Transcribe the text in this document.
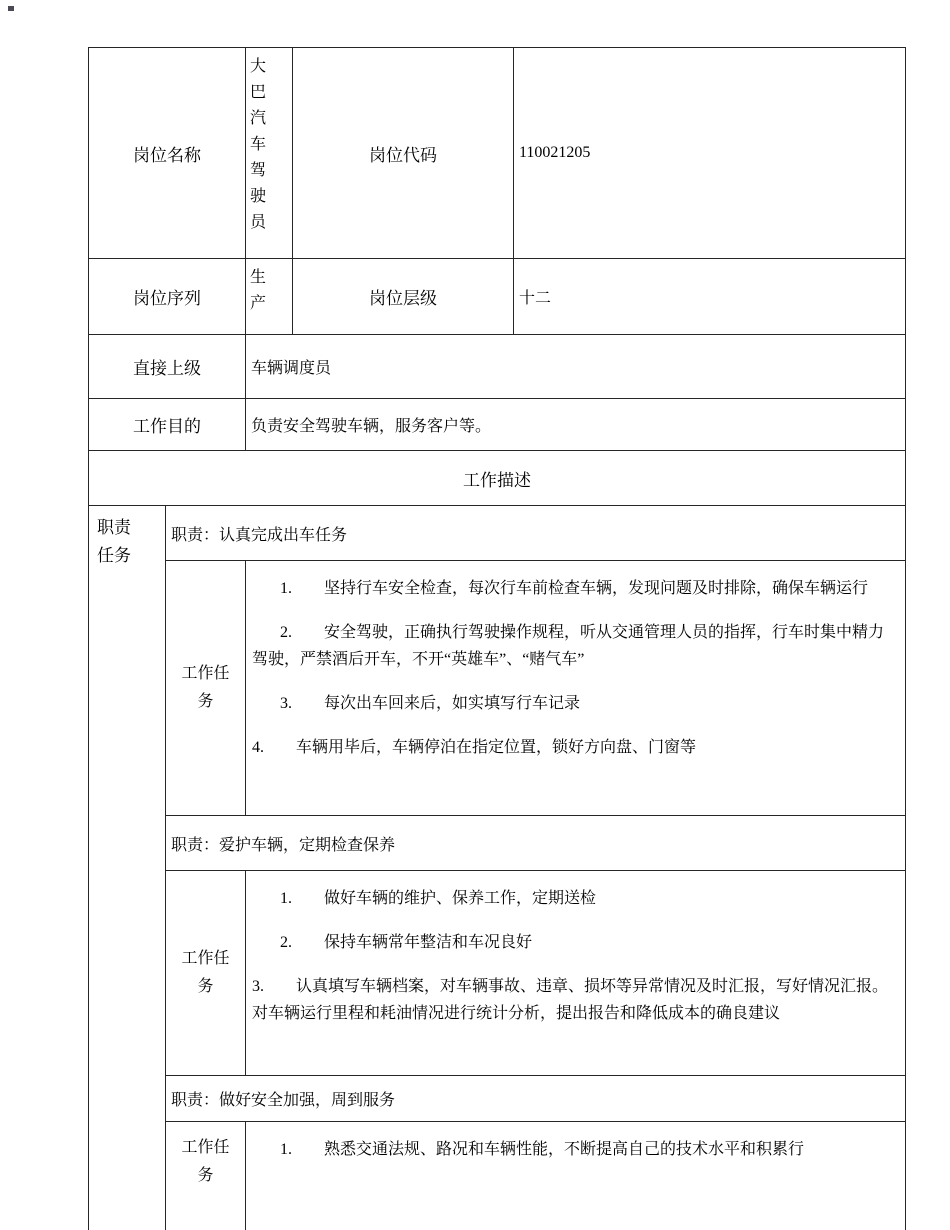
岗位名称		大巴汽车驾驶员	岗位代码	110021205
岗位序列		生产	岗位层级	十二
直接上级		车辆调度员		
工作目的		负责安全驾驶车辆，服务客户等。		
工作描述				
职责任务	职责：认真完成出车任务			
	工作任务	1.　　坚持行车安全检查，每次行车前检查车辆，发现问题及时排除，确保车辆运行

2.　　安全驾驶，正确执行驾驶操作规程，听从交通管理人员的指挥，行车时集中精力驾驶，严禁酒后开车，不开“英雄车”、“赌气车”

3.　　每次出车回来后，如实填写行车记录

4.　　车辆用毕后，车辆停泊在指定位置，锁好方向盘、门窗等		

	职责：爱护车辆，定期检查保养			
	工作任务	1.　　做好车辆的维护、保养工作，定期送检

2.　　保持车辆常年整洁和车况良好

3.　　认真填写车辆档案，对车辆事故、违章、损坏等异常情况及时汇报，写好情况汇报。对车辆运行里程和耗油情况进行统计分析，提出报告和降低成本的确良建议		

	职责：做好安全加强，周到服务			
	工作任务	1.　　熟悉交通法规、路况和车辆性能，不断提高自己的技术水平和积累行		
